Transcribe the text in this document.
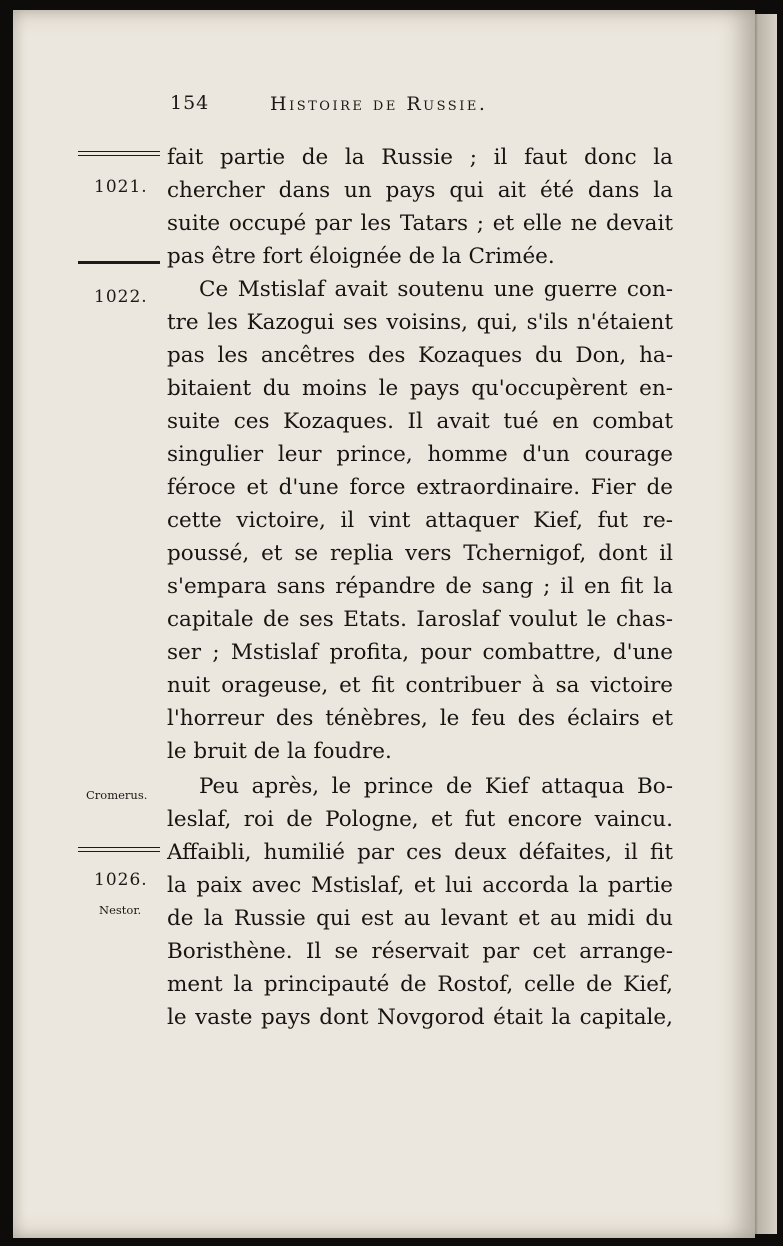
154	Histoire de Russie.
1021.
1022.
Cromerus.
1026.
Nestor.
fait partie de la Russie ; il faut donc la
chercher dans un pays qui ait été dans la
suite occupé par les Tatars ; et elle ne devait
pas être fort éloignée de la Crimée.
Ce Mstislaf avait soutenu une guerre con-
tre les Kazogui ses voisins, qui, s'ils n'étaient
pas les ancêtres des Kozaques du Don, ha-
bitaient du moins le pays qu'occupèrent en-
suite ces Kozaques. Il avait tué en combat
singulier leur prince, homme d'un courage
féroce et d'une force extraordinaire. Fier de
cette victoire, il vint attaquer Kief, fut re-
poussé, et se replia vers Tchernigof, dont il
s'empara sans répandre de sang ; il en fit la
capitale de ses Etats. Iaroslaf voulut le chas-
ser ; Mstislaf profita, pour combattre, d'une
nuit orageuse, et fit contribuer à sa victoire
l'horreur des ténèbres, le feu des éclairs et
le bruit de la foudre.
Peu après, le prince de Kief attaqua Bo-
leslaf, roi de Pologne, et fut encore vaincu.
Affaibli, humilié par ces deux défaites, il fit
la paix avec Mstislaf, et lui accorda la partie
de la Russie qui est au levant et au midi du
Boristhène. Il se réservait par cet arrange-
ment la principauté de Rostof, celle de Kief,
le vaste pays dont Novgorod était la capitale,
